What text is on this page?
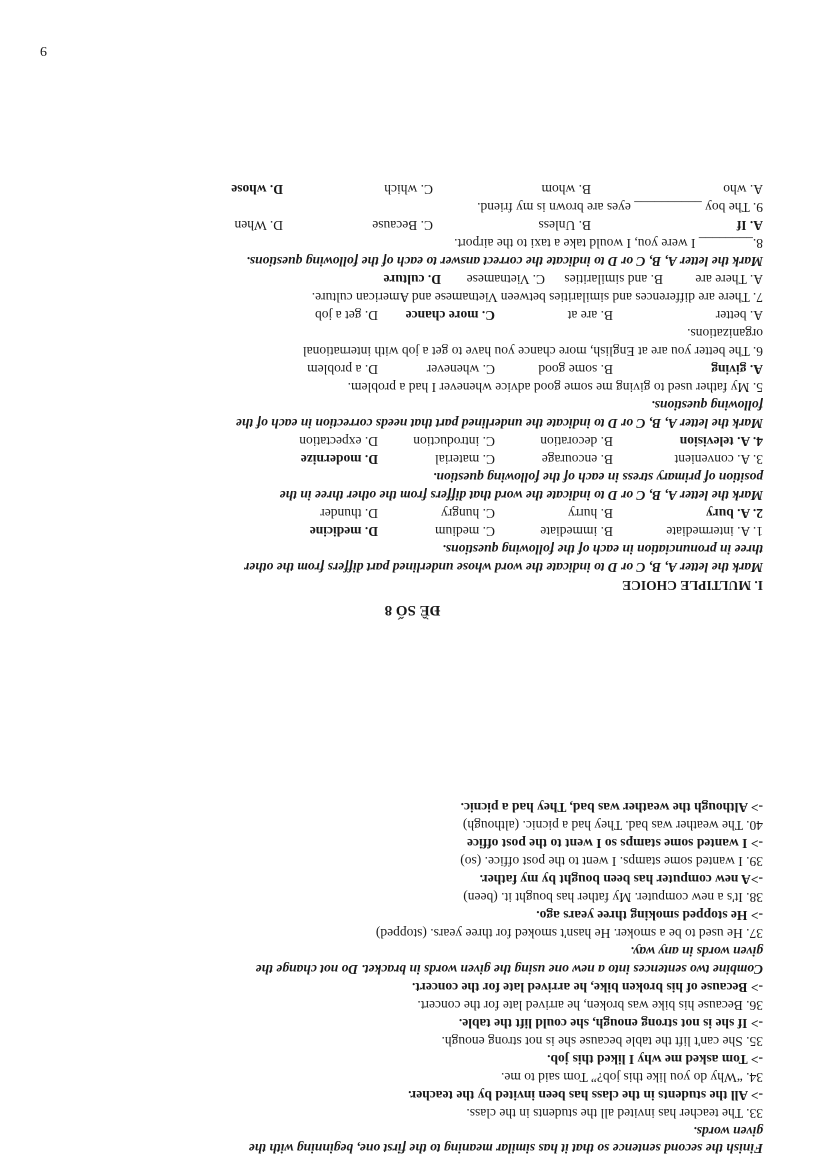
Finish the second sentence so that it has similar meaning to the first one, beginning with the
given words.
33. The teacher has invited all the students in the class.
-> All the students in the class has been invited by the teacher.
34. “Why do you like this job?” Tom said to me.
-> Tom asked me why I liked this job.
35. She can't lift the table because she is not strong enough.
-> If she is not strong enough, she could lift the table.
36. Because his bike was broken, he arrived late for the concert.
-> Because of his broken bike, he arrived late for the concert.
Combine two sentences into a new one using the given words in bracket. Do not change the
given words in any way.
37. He used to be a smoker. He hasn't smoked for three years. (stopped)
-> He stopped smoking three years ago.
38. It's a new computer. My father has bought it. (been)
->A new computer has been bought by my father.
39. I wanted some stamps. I went to the post office. (so)
-> I wanted some stamps so I went to the post office
40. The weather was bad. They had a picnic. (although)
-> Although the weather was bad, They had a picnic.
ĐỀ SỐ 8
I. MULTIPLE CHOICE
Mark the letter A, B, C or D to indicate the word whose underlined part differs from the other
three in pronunciation in each of the following questions.
1. A. intermediate
B. immediate
C. medium
D. medicine
2. A. bury
B. hurry
C. hungry
D. thunder
Mark the letter A, B, C or D to indicate the word that differs from the other three in the
position of primary stress in each of the following question.
3. A. convenient
B. encourage
C. material
D. modernize
4. A. television
B. decoration
C. introduction
D. expectation
Mark the letter A, B, C or D to indicate the underlined part that needs correction in each of the
following questions.
5. My father used to giving me some good advice whenever I had a problem.
A. giving
B. some good
C. whenever
D. a problem
6. The better you are at English, more chance you have to get a job with international
organizations.
A. better
B. are at
C. more chance
D. get a job
7. There are differences and similarities between Vietnamese and American culture.
A. There are
B. and similarities
C. Vietnamese
D. culture
Mark the letter A, B, C or D to indicate the correct answer to each of the following questions.
8.________ I were you, I would take a taxi to the airport.
A. If
B. Unless
C. Because
D. When
9. The boy __________ eyes are brown is my friend.
A. who
B. whom
C. which
D. whose
9
